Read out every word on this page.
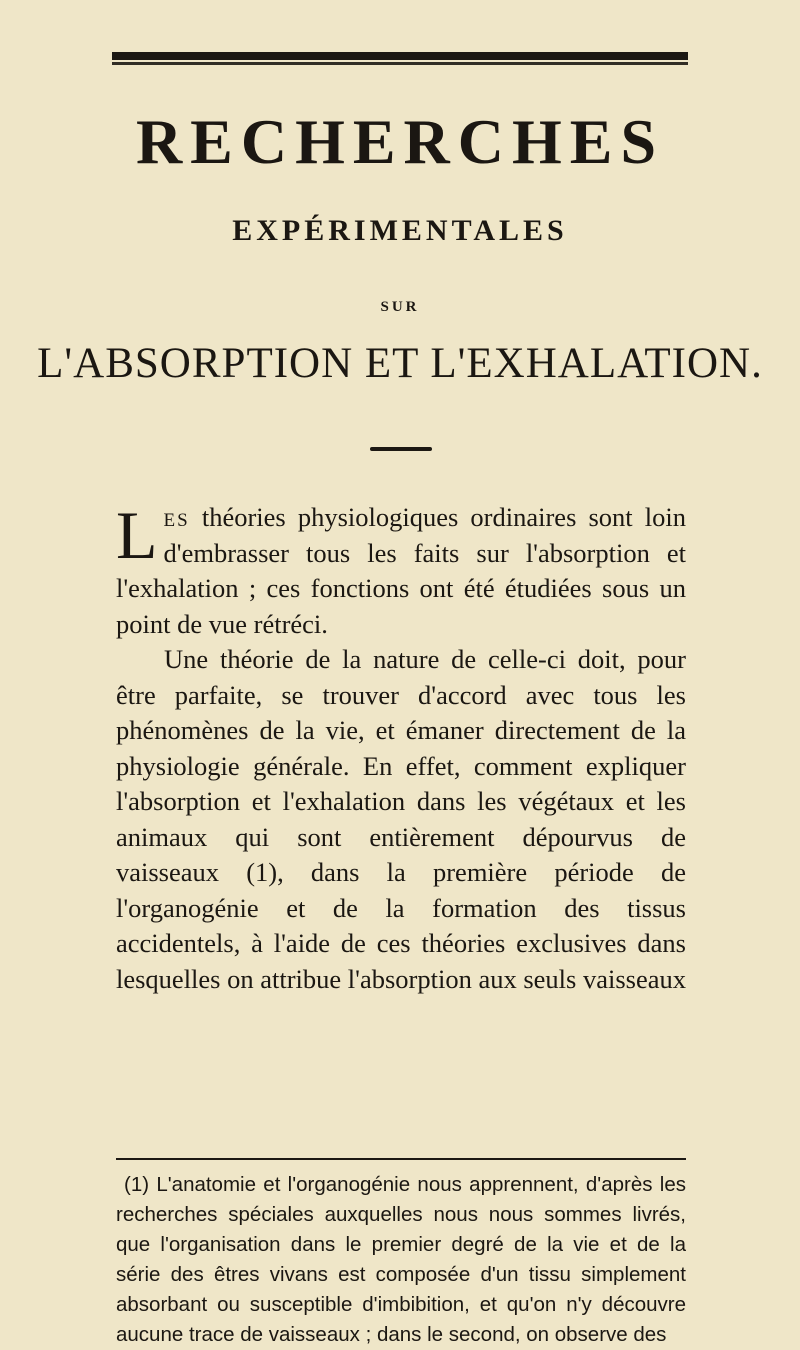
RECHERCHES
EXPÉRIMENTALES
SUR
L'ABSORPTION ET L'EXHALATION.

Les théories physiologiques ordinaires sont loin d'embrasser tous les faits sur l'absorption et l'exhalation ; ces fonctions ont été étudiées sous un point de vue rétréci.

Une théorie de la nature de celle-ci doit, pour être parfaite, se trouver d'accord avec tous les phénomènes de la vie, et émaner directement de la physiologie générale. En effet, comment expliquer l'absorption et l'exhalation dans les végétaux et les animaux qui sont entièrement dépourvus de vaisseaux (1), dans la première période de l'organogénie et de la formation des tissus accidentels, à l'aide de ces théories exclusives dans lesquelles on attribue l'absorption aux seuls vaisseaux

(1) L'anatomie et l'organogénie nous apprennent, d'après les recherches spéciales auxquelles nous nous sommes livrés, que l'organisation dans le premier degré de la vie et de la série des êtres vivans est composée d'un tissu simplement absorbant ou susceptible d'imbibition, et qu'on n'y découvre aucune trace de vaisseaux ; dans le second, on observe des
